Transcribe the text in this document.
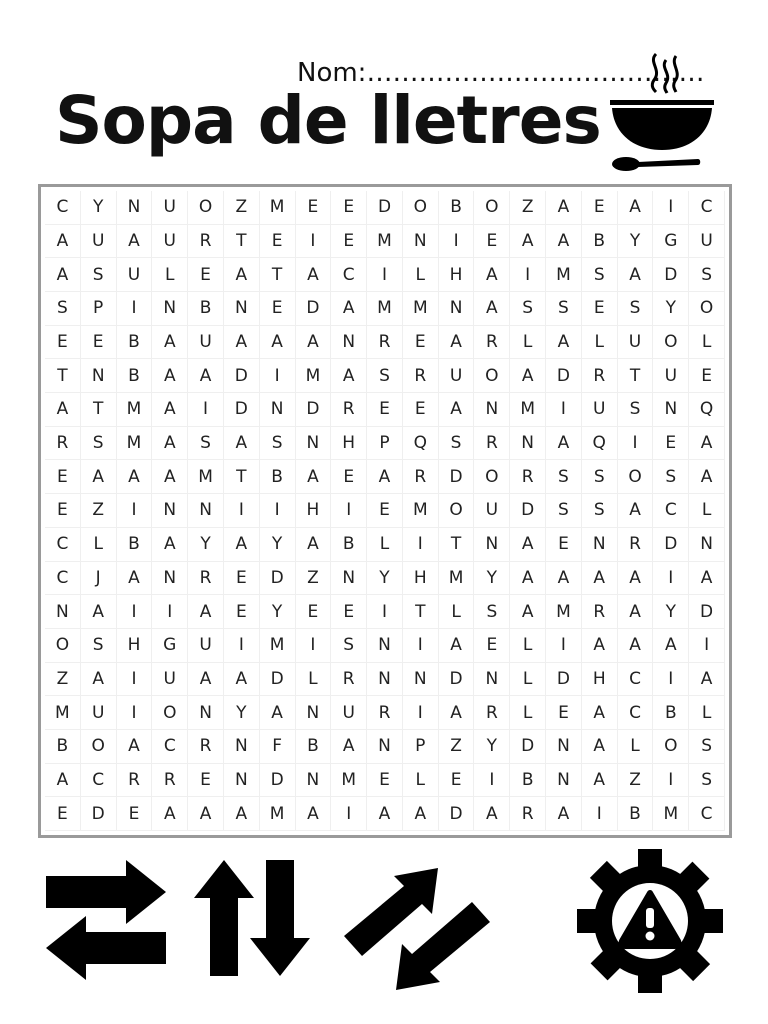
Nom:…………………………………
Sopa de lletres
C	Y	N	U	O	Z	M	E	E	D	O	B	O	Z	A	E	A	I	C
A	U	A	U	R	T	E	I	E	M	N	I	E	A	A	B	Y	G	U
A	S	U	L	E	A	T	A	C	I	L	H	A	I	M	S	A	D	S
S	P	I	N	B	N	E	D	A	M	M	N	A	S	S	E	S	Y	O
E	E	B	A	U	A	A	A	N	R	E	A	R	L	A	L	U	O	L
T	N	B	A	A	D	I	M	A	S	R	U	O	A	D	R	T	U	E
A	T	M	A	I	D	N	D	R	E	E	A	N	M	I	U	S	N	Q
R	S	M	A	S	A	S	N	H	P	Q	S	R	N	A	Q	I	E	A
E	A	A	A	M	T	B	A	E	A	R	D	O	R	S	S	O	S	A
E	Z	I	N	N	I	I	H	I	E	M	O	U	D	S	S	A	C	L
C	L	B	A	Y	A	Y	A	B	L	I	T	N	A	E	N	R	D	N
C	J	A	N	R	E	D	Z	N	Y	H	M	Y	A	A	A	A	I	A
N	A	I	I	A	E	Y	E	E	I	T	L	S	A	M	R	A	Y	D
O	S	H	G	U	I	M	I	S	N	I	A	E	L	I	A	A	A	I
Z	A	I	U	A	A	D	L	R	N	N	D	N	L	D	H	C	I	A
M	U	I	O	N	Y	A	N	U	R	I	A	R	L	E	A	C	B	L
B	O	A	C	R	N	F	B	A	N	P	Z	Y	D	N	A	L	O	S
A	C	R	R	E	N	D	N	M	E	L	E	I	B	N	A	Z	I	S
E	D	E	A	A	A	M	A	I	A	A	D	A	R	A	I	B	M	C
